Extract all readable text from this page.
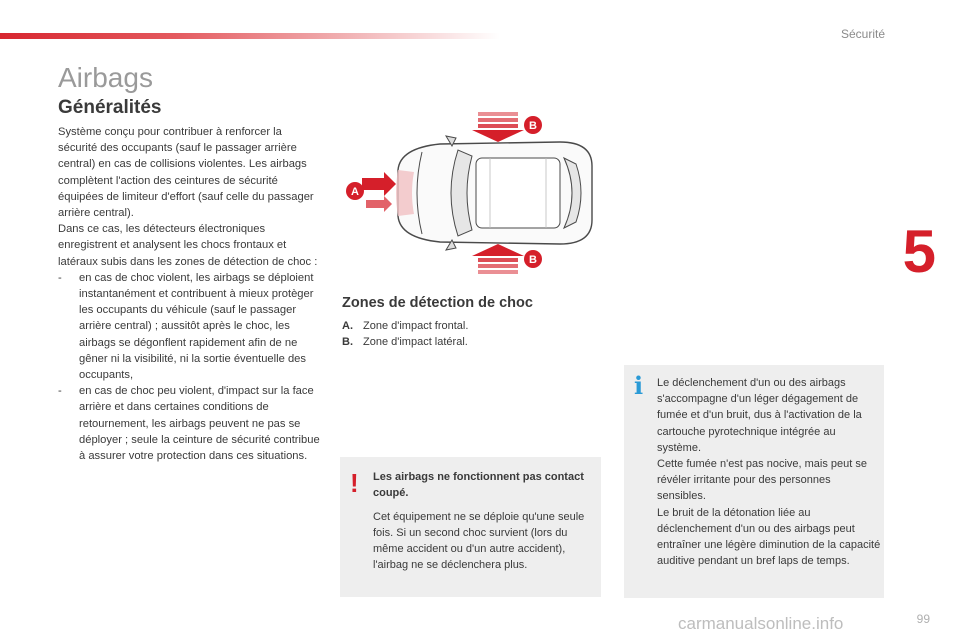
Sécurité
Airbags
Généralités

Système conçu pour contribuer à renforcer la sécurité des occupants (sauf le passager arrière central) en cas de collisions violentes. Les airbags complètent l'action des ceintures de sécurité équipées de limiteur d'effort (sauf celle du passager arrière central).

Dans ce cas, les détecteurs électroniques enregistrent et analysent les chocs frontaux et latéraux subis dans les zones de détection de choc :

- en cas de choc violent, les airbags se déploient instantanément et contribuent à mieux protèger les occupants du véhicule (sauf le passager arrière central) ; aussitôt après le choc, les airbags se dégonflent rapidement afin de ne gêner ni la visibilité, ni la sortie éventuelle des occupants,
- en cas de choc peu violent, d'impact sur la face arrière et dans certaines conditions de retournement, les airbags peuvent ne pas se déployer ; seule la ceinture de sécurité contribue à assurer votre protection dans ces situations.
5
A
B
B
Zones de détection de choc
A. Zone d'impact frontal.
B. Zone d'impact latéral.
! Les airbags ne fonctionnent pas contact coupé.
Cet équipement ne se déploie qu'une seule fois. Si un second choc survient (lors du même accident ou d'un autre accident), l'airbag ne se déclenchera plus.
i Le déclenchement d'un ou des airbags s'accompagne d'un léger dégagement de fumée et d'un bruit, dus à l'activation de la cartouche pyrotechnique intégrée au système.
Cette fumée n'est pas nocive, mais peut se révéler irritante pour des personnes sensibles.
Le bruit de la détonation liée au déclenchement d'un ou des airbags peut entraîner une légère diminution de la capacité auditive pendant un bref laps de temps.
carmanualsonline.info	99
